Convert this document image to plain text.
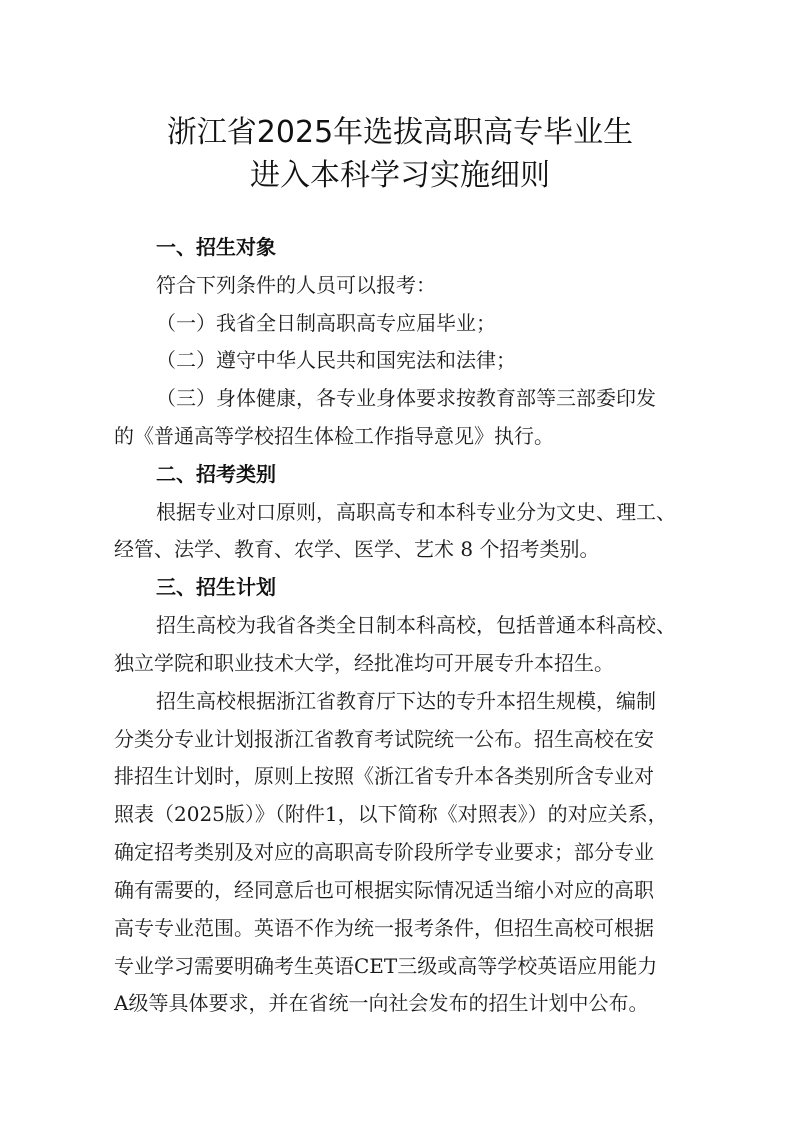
浙江省2025年选拔高职高专毕业生
进入本科学习实施细则
一、招生对象
符合下列条件的人员可以报考：
（一）我省全日制高职高专应届毕业；
（二）遵守中华人民共和国宪法和法律；
（三）身体健康，各专业身体要求按教育部等三部委印发
的《普通高等学校招生体检工作指导意见》执行。
二、招考类别
根据专业对口原则，高职高专和本科专业分为文史、理工、
经管、法学、教育、农学、医学、艺术 8 个招考类别。
三、招生计划
招生高校为我省各类全日制本科高校，包括普通本科高校、
独立学院和职业技术大学，经批准均可开展专升本招生。
招生高校根据浙江省教育厅下达的专升本招生规模，编制
分类分专业计划报浙江省教育考试院统一公布。招生高校在安
排招生计划时，原则上按照《浙江省专升本各类别所含专业对
照表（2025版）》（附件1，以下简称《对照表》）的对应关系，
确定招考类别及对应的高职高专阶段所学专业要求；部分专业
确有需要的，经同意后也可根据实际情况适当缩小对应的高职
高专专业范围。英语不作为统一报考条件，但招生高校可根据
专业学习需要明确考生英语CET三级或高等学校英语应用能力
A级等具体要求，并在省统一向社会发布的招生计划中公布。
